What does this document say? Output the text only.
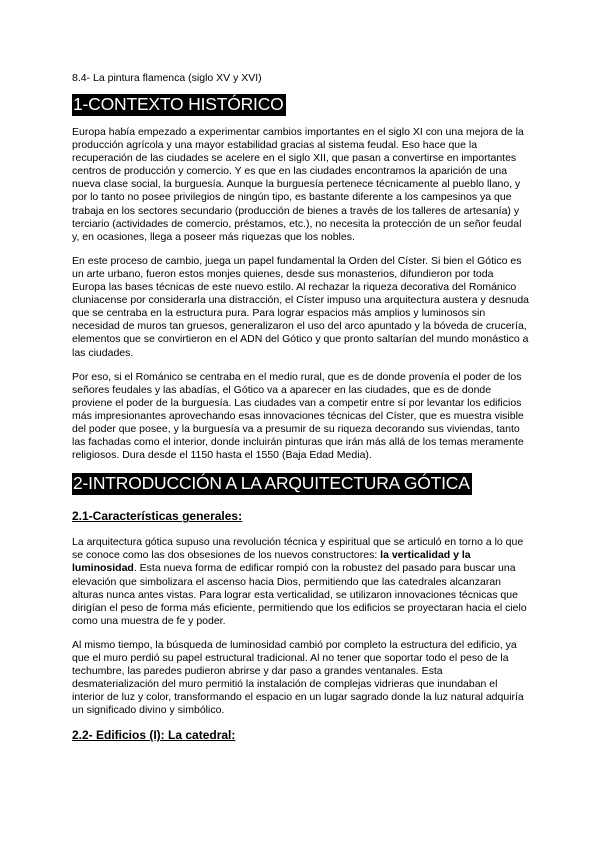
8.4- La pintura flamenca (siglo XV y XVI)
1-CONTEXTO HISTÓRICO

Europa había empezado a experimentar cambios importantes en el siglo XI con una mejora de la producción agrícola y una mayor estabilidad gracias al sistema feudal. Eso hace que la recuperación de las ciudades se acelere en el siglo XII, que pasan a convertirse en importantes centros de producción y comercio. Y es que en las ciudades encontramos la aparición de una nueva clase social, la burguesía. Aunque la burguesía pertenece técnicamente al pueblo llano, y por lo tanto no posee privilegios de ningún tipo, es bastante diferente a los campesinos ya que trabaja en los sectores secundario (producción de bienes a través de los talleres de artesanía) y terciario (actividades de comercio, préstamos, etc.), no necesita la protección de un señor feudal y, en ocasiones, llega a poseer más riquezas que los nobles.

En este proceso de cambio, juega un papel fundamental la Orden del Císter. Si bien el Gótico es un arte urbano, fueron estos monjes quienes, desde sus monasterios, difundieron por toda Europa las bases técnicas de este nuevo estilo. Al rechazar la riqueza decorativa del Románico cluniacense por considerarla una distracción, el Císter impuso una arquitectura austera y desnuda que se centraba en la estructura pura. Para lograr espacios más amplios y luminosos sin necesidad de muros tan gruesos, generalizaron el uso del arco apuntado y la bóveda de crucería, elementos que se convirtieron en el ADN del Gótico y que pronto saltarían del mundo monástico a las ciudades.

Por eso, si el Románico se centraba en el medio rural, que es de donde provenía el poder de los señores feudales y las abadías, el Gótico va a aparecer en las ciudades, que es de donde proviene el poder de la burguesía. Las ciudades van a competir entre sí por levantar los edificios más impresionantes aprovechando esas innovaciones técnicas del Císter, que es muestra visible del poder que posee, y la burguesía va a presumir de su riqueza decorando sus viviendas, tanto las fachadas como el interior, donde incluirán pinturas que irán más allá de los temas meramente religiosos. Dura desde el 1150 hasta el 1550 (Baja Edad Media).

2-INTRODUCCIÓN A LA ARQUITECTURA GÓTICA
2.1-Características generales:

La arquitectura gótica supuso una revolución técnica y espiritual que se articuló en torno a lo que se conoce como las dos obsesiones de los nuevos constructores: la verticalidad y la luminosidad. Esta nueva forma de edificar rompió con la robustez del pasado para buscar una elevación que simbolizara el ascenso hacia Dios, permitiendo que las catedrales alcanzaran alturas nunca antes vistas. Para lograr esta verticalidad, se utilizaron innovaciones técnicas que dirigían el peso de forma más eficiente, permitiendo que los edificios se proyectaran hacia el cielo como una muestra de fe y poder.

Al mismo tiempo, la búsqueda de luminosidad cambió por completo la estructura del edificio, ya que el muro perdió su papel estructural tradicional. Al no tener que soportar todo el peso de la techumbre, las paredes pudieron abrirse y dar paso a grandes ventanales. Esta desmaterialización del muro permitió la instalación de complejas vidrieras que inundaban el interior de luz y color, transformando el espacio en un lugar sagrado donde la luz natural adquiría un significado divino y simbólico.

2.2- Edificios (I): La catedral:
